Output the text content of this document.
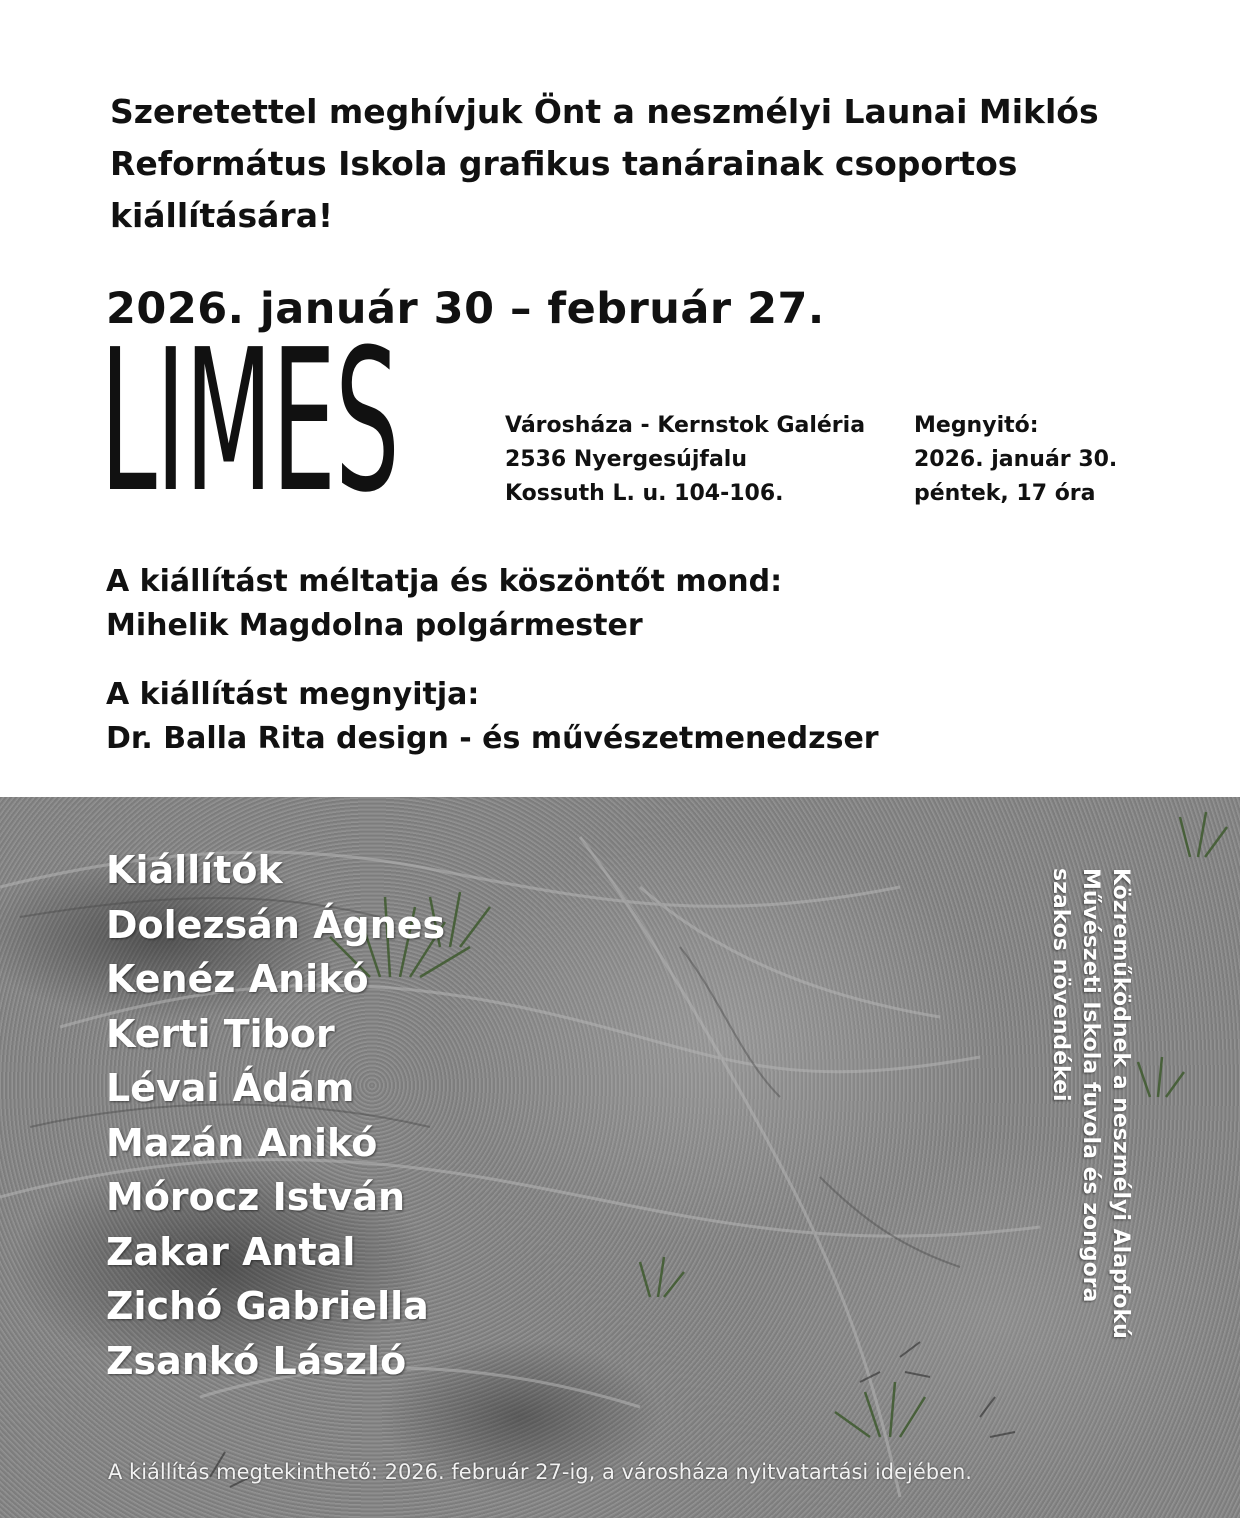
Szeretettel meghívjuk Önt a neszmélyi Launai Miklós
Református Iskola grafikus tanárainak csoportos
kiállítására!
2026. január 30 – február 27.
LIMES	Városháza - Kernstok Galéria
2536 Nyergesújfalu
Kossuth L. u. 104-106.
Megnyitó:
2026. január 30.
péntek, 17 óra
A kiállítást méltatja és köszöntőt mond:
Mihelik Magdolna polgármester
A kiállítást megnyitja:
Dr. Balla Rita design - és művészetmenedzser
Kiállítók
Dolezsán Ágnes
Kenéz Anikó
Kerti Tibor
Lévai Ádám
Mazán Anikó
Mórocz István
Zakar Antal
Zichó Gabriella
Zsankó László
Közreműködnek a neszmélyi Alapfokú
Művészeti Iskola fuvola és zongora
szakos növendékei
A kiállítás megtekinthető: 2026. február 27-ig, a városháza nyitvatartási idejében.
